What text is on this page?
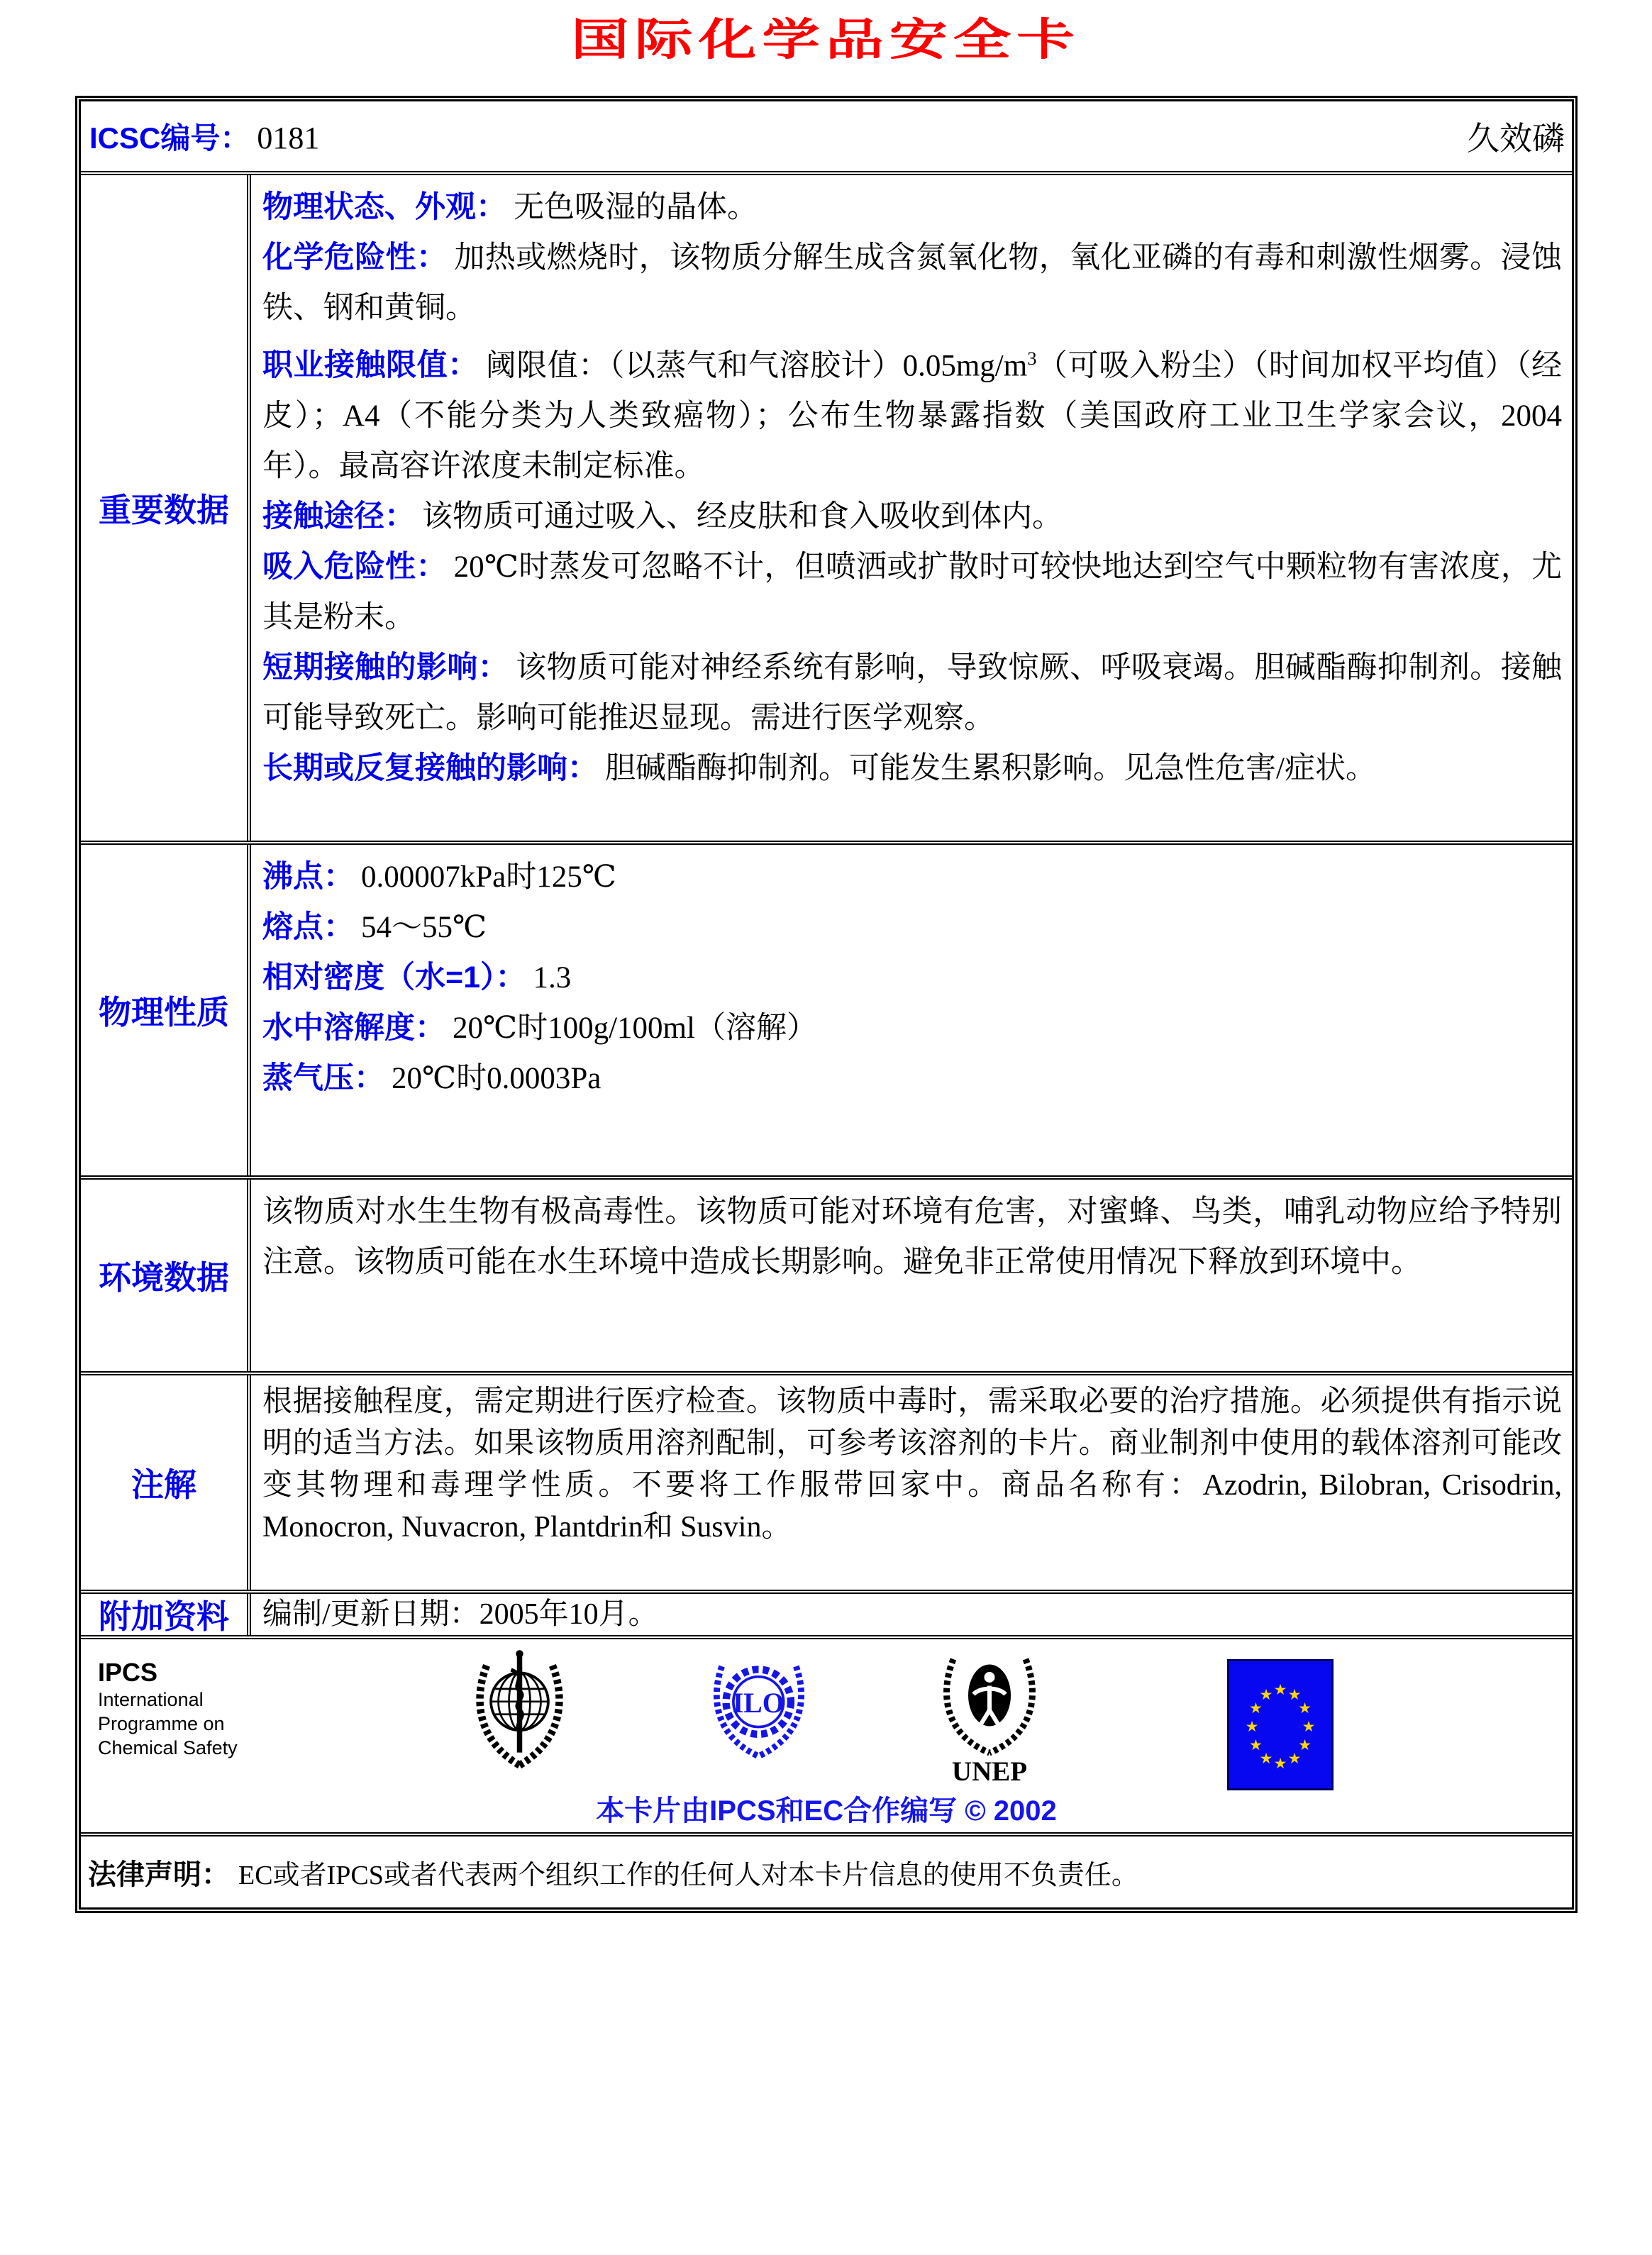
国际化学品安全卡
ICSC编号： 0181	久效磷
重要数据

物理状态、外观： 无色吸湿的晶体。

化学危险性： 加热或燃烧时，该物质分解生成含氮氧化物，氧化亚磷的有毒和刺激性烟雾。浸蚀铁、钢和黄铜。

职业接触限值： 阈限值：（以蒸气和气溶胶计）$0.05mg/m^3$（可吸入粉尘）（时间加权平均值）（经皮）；A4（不能分类为人类致癌物）；公布生物暴露指数（美国政府工业卫生学家会议，2004年）。最高容许浓度未制定标准。

接触途径： 该物质可通过吸入、经皮肤和食入吸收到体内。

吸入危险性： 20℃时蒸发可忽略不计，但喷洒或扩散时可较快地达到空气中颗粒物有害浓度，尤其是粉末。

短期接触的影响： 该物质可能对神经系统有影响，导致惊厥、呼吸衰竭。胆碱酯酶抑制剂。接触可能导致死亡。影响可能推迟显现。需进行医学观察。

长期或反复接触的影响： 胆碱酯酶抑制剂。可能发生累积影响。见急性危害/症状。

物理性质

沸点： 0.00007kPa时125℃

熔点： 54～55℃

相对密度（水=1）： 1.3

水中溶解度： 20℃时100g/100ml（溶解）

蒸气压： 20℃时0.0003Pa

环境数据

该物质对水生生物有极高毒性。该物质可能对环境有危害，对蜜蜂、鸟类，哺乳动物应给予特别注意。该物质可能在水生环境中造成长期影响。避免非正常使用情况下释放到环境中。

注解

根据接触程度，需定期进行医疗检查。该物质中毒时，需采取必要的治疗措施。必须提供有指示说明的适当方法。如果该物质用溶剂配制，可参考该溶剂的卡片。商业制剂中使用的载体溶剂可能改变其物理和毒理学性质。不要将工作服带回家中。商品名称有：Azodrin, Bilobran, Crisodrin, Monocron, Nuvacron, Plantdrin和 Susvin。

附加资料	编制/更新日期：2005年10月。

IPCS
International
Programme on
Chemical Safety
ILO
UNEP
★ ★
★
★
★
★
★
★
★
★
★
★
本卡片由IPCS和EC合作编写 © 2002
法律声明： EC或者IPCS或者代表两个组织工作的任何人对本卡片信息的使用不负责任。
